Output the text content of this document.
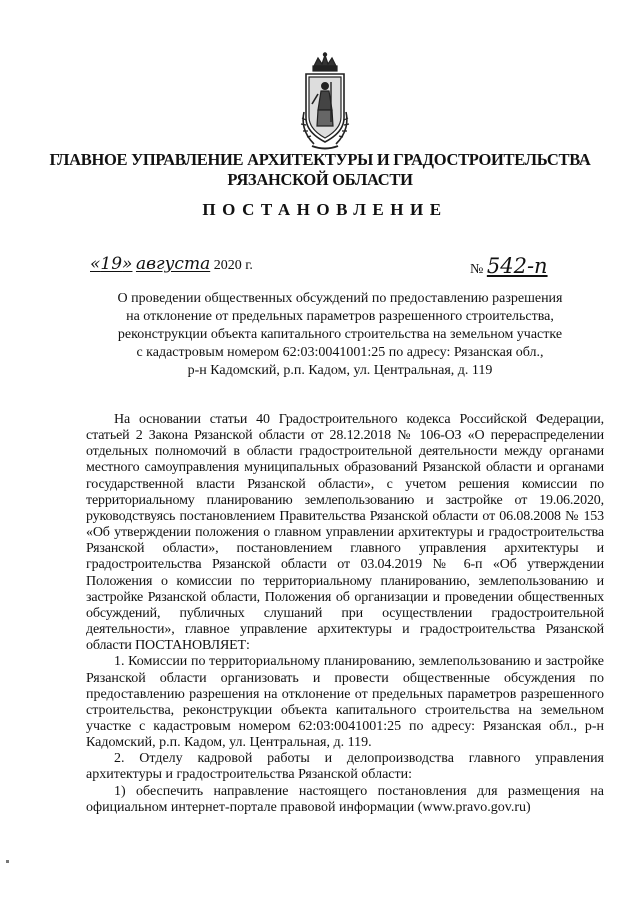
ГЛАВНОЕ УПРАВЛЕНИЕ АРХИТЕКТУРЫ И ГРАДОСТРОИТЕЛЬСТВА
РЯЗАНСКОЙ ОБЛАСТИ
ПОСТАНОВЛЕНИЕ
«19» августа 2020 г.	№ 542-п
О проведении общественных обсуждений по предоставлению разрешения
на отклонение от предельных параметров разрешенного строительства,
реконструкции объекта капитального строительства на земельном участке
с кадастровым номером 62:03:0041001:25 по адресу: Рязанская обл.,
р-н Кадомский, р.п. Кадом, ул. Центральная, д. 119

На основании статьи 40 Градостроительного кодекса Российской Федерации, статьей 2 Закона Рязанской области от 28.12.2018 № 106-ОЗ «О перераспределении отдельных полномочий в области градостроительной деятельности между органами местного самоуправления муниципальных образований Рязанской области и органами государственной власти Рязанской области», с учетом решения комиссии по территориальному планированию землепользованию и застройке от 19.06.2020, руководствуясь постановлением Правительства Рязанской области от 06.08.2008 № 153 «Об утверждении положения о главном управлении архитектуры и градостроительства Рязанской области», постановлением главного управления архитектуры и градостроительства Рязанской области от 03.04.2019 № 6-п «Об утверждении Положения о комиссии по территориальному планированию, землепользованию и застройке Рязанской области, Положения об организации и проведении общественных обсуждений, публичных слушаний при осуществлении градостроительной деятельности», главное управление архитектуры и градостроительства Рязанской области ПОСТАНОВЛЯЕТ:

1. Комиссии по территориальному планированию, землепользованию и застройке Рязанской области организовать и провести общественные обсуждения по предоставлению разрешения на отклонение от предельных параметров разрешенного строительства, реконструкции объекта капитального строительства на земельном участке с кадастровым номером 62:03:0041001:25 по адресу: Рязанская обл., р-н Кадомский, р.п. Кадом, ул. Центральная, д. 119.

2. Отделу кадровой работы и делопроизводства главного управления архитектуры и градостроительства Рязанской области:

1) обеспечить направление настоящего постановления для размещения на официальном интернет-портале правовой информации (www.pravo.gov.ru)
